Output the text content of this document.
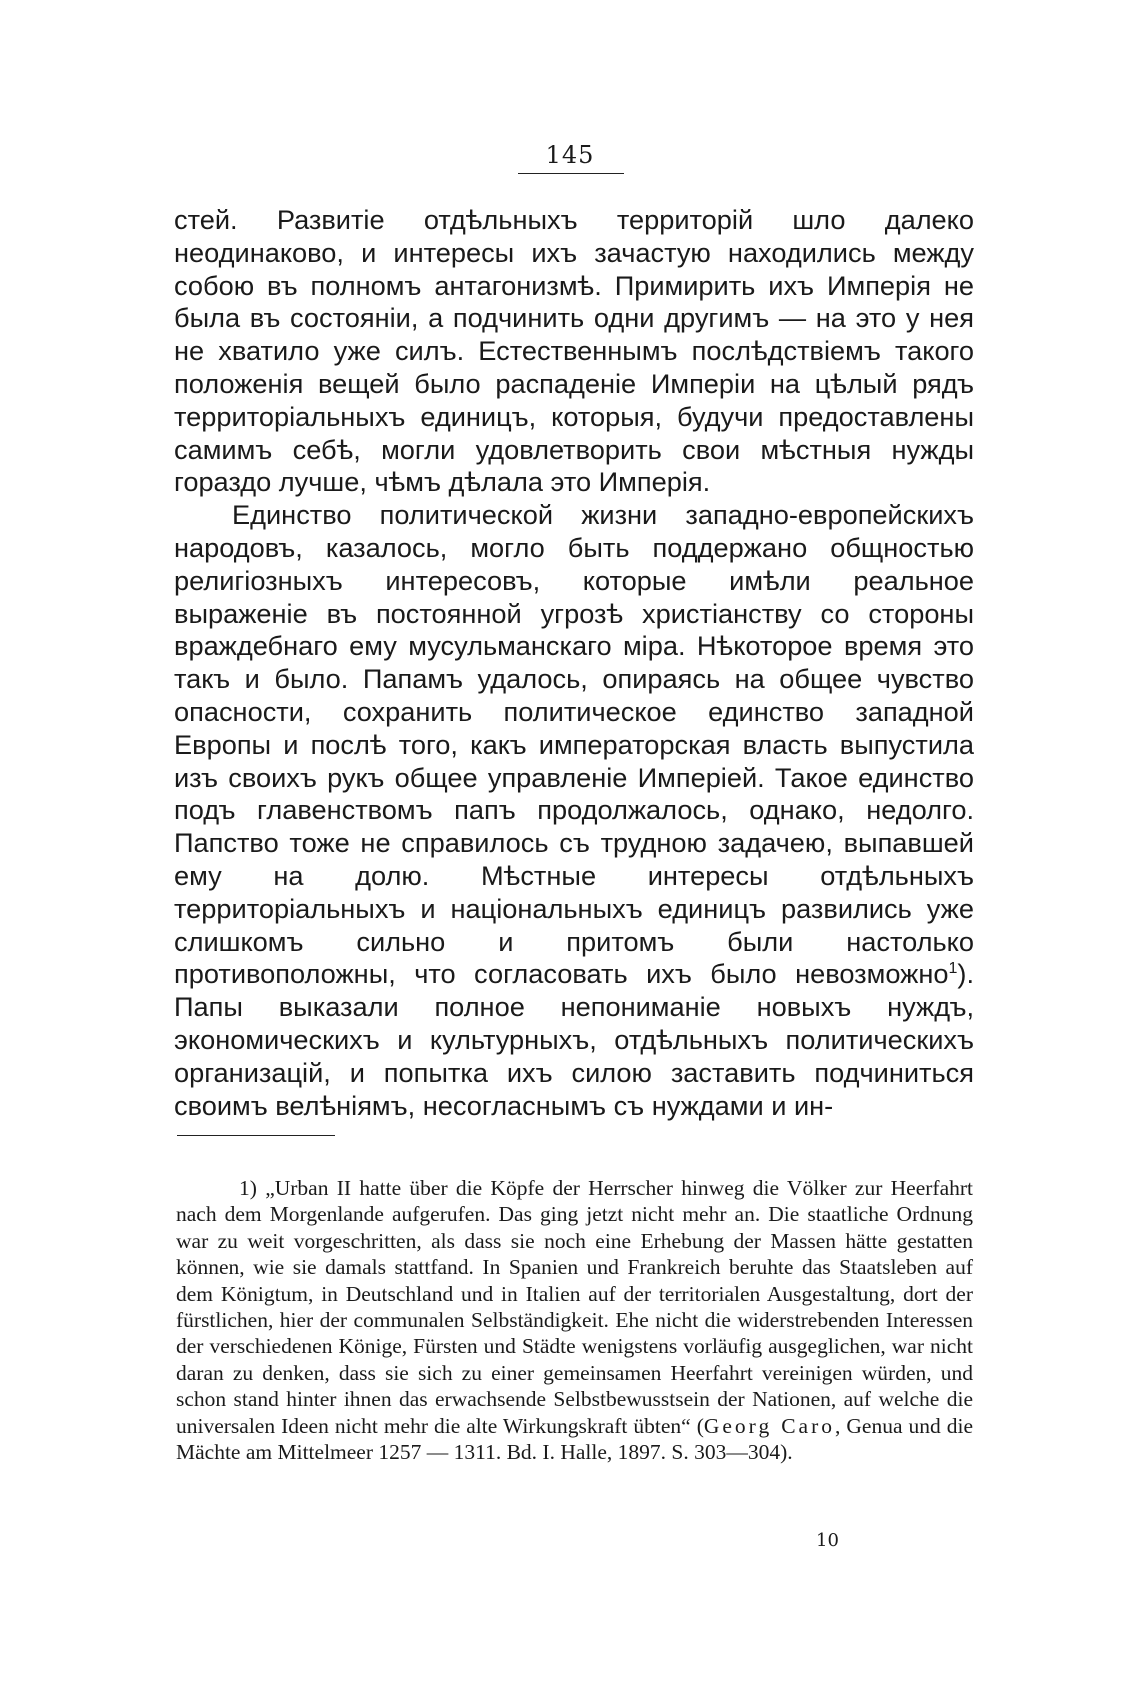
145

стей. Развитіе отдѣльныхъ территорій шло далеко неодинаково, и интересы ихъ зачастую находились между собою въ полномъ антагонизмѣ. Примирить ихъ Имперія не была въ состояніи, а подчинить одни другимъ — на это у нея не хватило уже силъ. Естественнымъ послѣдствіемъ такого положенія вещей было распаденіе Имперіи на цѣлый рядъ территоріальныхъ единицъ, которыя, будучи предоставлены самимъ себѣ, могли удовлетворить свои мѣстныя нужды гораздо лучше, чѣмъ дѣлала это Имперія.

Единство политической жизни западно-европейскихъ народовъ, казалось, могло быть поддержано общностью религіозныхъ интересовъ, которые имѣли реальное выраженіе въ постоянной угрозѣ христіанству со стороны враждебнаго ему мусульманскаго міра. Нѣкоторое время это такъ и было. Папамъ удалось, опираясь на общее чувство опасности, сохранить политическое единство западной Европы и послѣ того, какъ императорская власть выпустила изъ своихъ рукъ общее управленіе Имперіей. Такое единство подъ главенствомъ папъ продолжалось, однако, недолго. Папство тоже не справилось съ трудною задачею, выпавшей ему на долю. Мѣстные интересы отдѣльныхъ территоріальныхъ и національныхъ единицъ развились уже слишкомъ сильно и притомъ были настолько противоположны, что согласовать ихъ было невозможно$^1$). Папы выказали полное непониманіе новыхъ нуждъ, экономическихъ и культурныхъ, отдѣльныхъ политическихъ организацій, и попытка ихъ силою заставить подчиниться своимъ велѣніямъ, несогласнымъ съ нуждами и ин-

1) „Urban II hatte über die Köpfe der Herrscher hinweg die Völker zur Heerfahrt nach dem Morgenlande aufgerufen. Das ging jetzt nicht mehr an. Die staatliche Ordnung war zu weit vorgeschritten, als dass sie noch eine Erhebung der Massen hätte gestatten können, wie sie damals stattfand. In Spanien und Frankreich beruhte das Staatsleben auf dem Königtum, in Deutschland und in Italien auf der territorialen Ausgestaltung, dort der fürstlichen, hier der communalen Selbständigkeit. Ehe nicht die widerstrebenden Interessen der verschiedenen Könige, Fürsten und Städte wenigstens vorläufig ausgeglichen, war nicht daran zu denken, dass sie sich zu einer gemeinsamen Heerfahrt vereinigen würden, und schon stand hinter ihnen das erwachsende Selbstbewusstsein der Nationen, auf welche die universalen Ideen nicht mehr die alte Wirkungskraft übten“ (Georg Caro, Genua und die Mächte am Mittelmeer 1257 — 1311. Bd. I. Halle, 1897. S. 303—304).

10
